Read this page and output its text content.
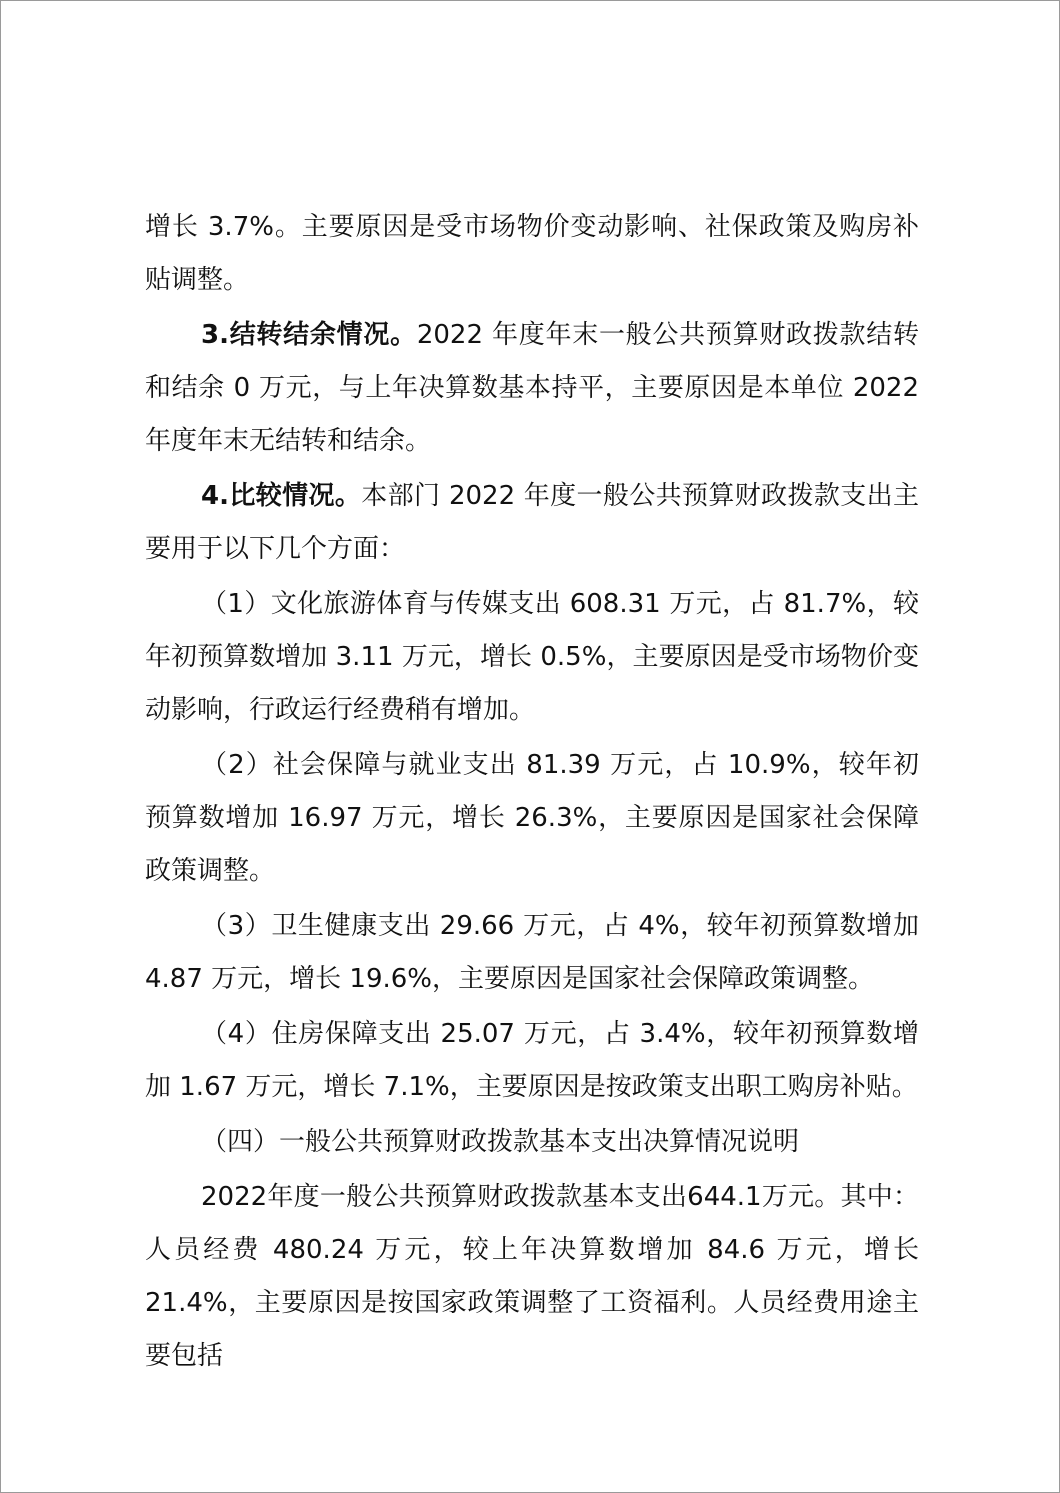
增长 3.7%。主要原因是受市场物价变动影响、社保政策及购房补贴调整。

3.结转结余情况。2022 年度年末一般公共预算财政拨款结转和结余 0 万元，与上年决算数基本持平，主要原因是本单位 2022 年度年末无结转和结余。

4.比较情况。本部门 2022 年度一般公共预算财政拨款支出主要用于以下几个方面：

（1）文化旅游体育与传媒支出 608.31 万元，占 81.7%，较年初预算数增加 3.11 万元，增长 0.5%，主要原因是受市场物价变动影响，行政运行经费稍有增加。

（2）社会保障与就业支出 81.39 万元，占 10.9%，较年初预算数增加 16.97 万元，增长 26.3%，主要原因是国家社会保障政策调整。

（3）卫生健康支出 29.66 万元，占 4%，较年初预算数增加 4.87 万元，增长 19.6%，主要原因是国家社会保障政策调整。

（4）住房保障支出 25.07 万元，占 3.4%，较年初预算数增加 1.67 万元，增长 7.1%，主要原因是按政策支出职工购房补贴。

（四）一般公共预算财政拨款基本支出决算情况说明

2022年度一般公共预算财政拨款基本支出644.1万元。其中：人员经费 480.24 万元，较上年决算数增加 84.6 万元，增长 21.4%，主要原因是按国家政策调整了工资福利。人员经费用途主要包括
